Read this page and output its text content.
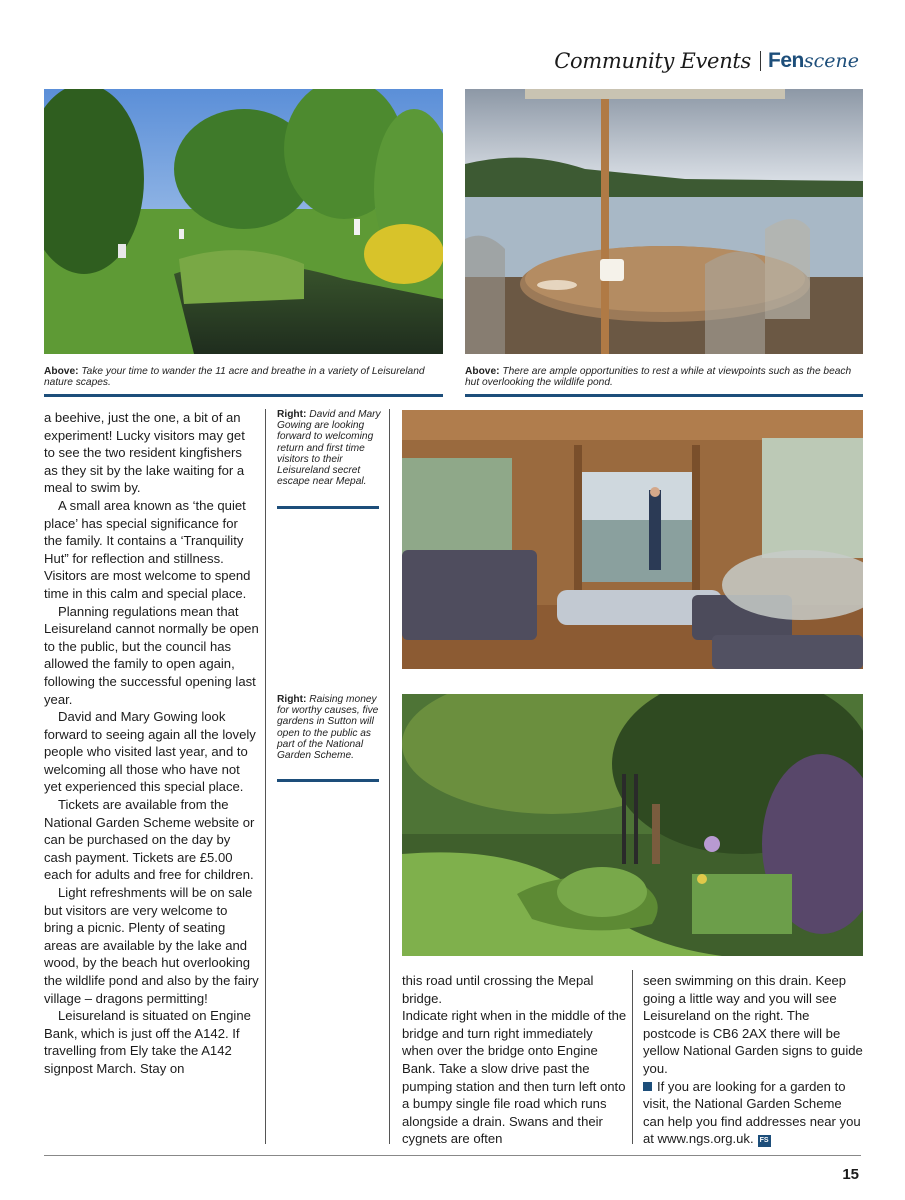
Community Events Fen scene
Above: Take your time to wander the 11 acre and breathe in a variety of Leisureland nature scapes.
Above: There are ample opportunities to rest a while at viewpoints such as the beach hut overlooking the wildlife pond.
Right: David and Mary Gowing are looking forward to welcoming return and first time visitors to their Leisureland secret escape near Mepal.
Right: Raising money for worthy causes, five gardens in Sutton will open to the public as part of the National Garden Scheme.

a beehive, just the one, a bit of an experiment! Lucky visitors may get to see the two resident kingfishers as they sit by the lake waiting for a meal to swim by.

A small area known as ‘the quiet place’ has special significance for the family. It contains a ‘Tranquility Hut” for reflection and stillness. Visitors are most welcome to spend time in this calm and special place.

Planning regulations mean that Leisureland cannot normally be open to the public, but the council has allowed the family to open again, following the successful opening last year.

David and Mary Gowing look forward to seeing again all the lovely people who visited last year, and to welcoming all those who have not yet experienced this special place.

Tickets are available from the National Garden Scheme website or can be purchased on the day by cash payment. Tickets are £5.00 each for adults and free for children.

Light refreshments will be on sale but visitors are very welcome to bring a picnic. Plenty of seating areas are available by the lake and wood, by the beach hut overlooking the wildlife pond and also by the fairy village – dragons permitting!

Leisureland is situated on Engine Bank, which is just off the A142. If travelling from Ely take the A142 signpost March. Stay on

this road until crossing the Mepal bridge.

Indicate right when in the middle of the bridge and turn right immediately when over the bridge onto Engine Bank. Take a slow drive past the pumping station and then turn left onto a bumpy single file road which runs alongside a drain. Swans and their cygnets are often

seen swimming on this drain. Keep going a little way and you will see Leisureland on the right. The postcode is CB6 2AX there will be yellow National Garden signs to guide you.

If you are looking for a garden to visit, the National Garden Scheme can help you find addresses near you at www.ngs.org.uk. FS

15
